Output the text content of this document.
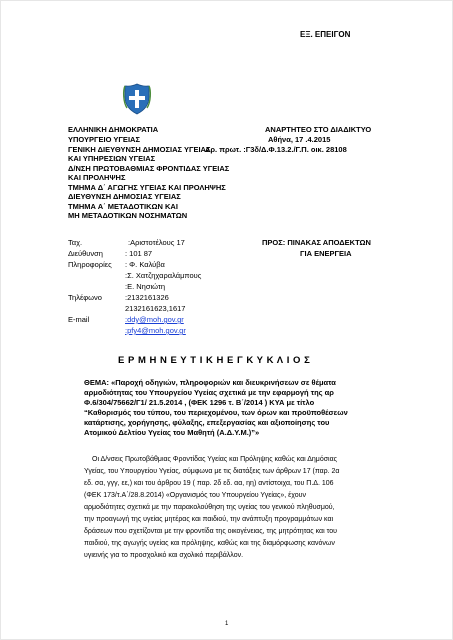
ΕΞ. ΕΠΕΙΓΟΝ
ΑΝΑΡΤΗΤΕΟ ΣΤΟ ΔΙΑΔΙΚΤΥΟ
Αθήνα, 17 .4.2015
Αρ. πρωτ. :Γ3δ/Δ.Φ.13.2./Γ.Π. οικ. 28108
ΕΛΛΗΝΙΚΗ ΔΗΜΟΚΡΑΤΙΑ
ΥΠΟΥΡΓΕΙΟ ΥΓΕΙΑΣ
ΓΕΝΙΚΗ ΔΙΕΥΘΥΝΣΗ ΔΗΜΟΣΙΑΣ ΥΓΕΙΑΣ
ΚΑΙ ΥΠΗΡΕΣΙΩΝ ΥΓΕΙΑΣ
Δ/ΝΣΗ ΠΡΩΤΟΒΑΘΜΙΑΣ ΦΡΟΝΤΙΔΑΣ ΥΓΕΙΑΣ
ΚΑΙ ΠΡΟΛΗΨΗΣ
ΤΜΗΜΑ Δ΄ ΑΓΩΓΗΣ ΥΓΕΙΑΣ ΚΑΙ ΠΡΟΛΗΨΗΣ
ΔΙΕΥΘΥΝΣΗ ΔΗΜΟΣΙΑΣ ΥΓΕΙΑΣ
ΤΜΗΜΑ Α΄ ΜΕΤΑΔΟΤΙΚΩΝ ΚΑΙ
ΜΗ ΜΕΤΑΔΟΤΙΚΩΝ ΝΟΣΗΜΑΤΩΝ
Ταχ.
Διεύθυνση
Πληροφορίες
Τηλέφωνο
E-mail
:Αριστοτέλους 17
: 101 87
: Φ. Καλύβα
:Σ. Χατζηχαραλάμπους
:Ε. Νησιώτη
:2132161326
2132161623,1617
:ddy@moh.gov.gr
:pfy4@moh.gov.gr
ΠΡΟΣ: ΠΙΝΑΚΑΣ ΑΠΟΔΕΚΤΩΝ
ΓΙΑ ΕΝΕΡΓΕΙΑ
Ε Ρ Μ Η Ν Ε Υ Τ Ι Κ Η Ε Γ Κ Υ Κ Λ Ι Ο Σ
ΘΕΜΑ: «Παροχή οδηγιών, πληροφοριών και διευκρινήσεων σε θέματα
αρμοδιότητας του Υπουργείου Υγείας σχετικά με την εφαρμογή της αρ
Φ.6/304/75662/Γ1/ 21.5.2014 , (ΦΕΚ 1296 τ. Β΄/2014 ) ΚΥΑ με τίτλο
“Καθορισμός του τύπου, του περιεχομένου, των όρων και προϋποθέσεων
κατάρτισης, χορήγησης, φύλαξης, επεξεργασίας και αξιοποίησης του
Ατομικού Δελτίου Υγείας του Μαθητή (Α.Δ.Υ.Μ.)”»
Οι Δ/νσεις Πρωτοβάθμιας Φροντίδας Υγείας και Πρόληψης καθώς και Δημόσιας
Υγείας, του Υπουργείου Υγείας, σύμφωνα με τις διατάξεις των άρθρων 17 (παρ. 2α
εδ. σα, γγγ, εε,) και του άρθρου 19 ( παρ. 2δ εδ. αα, ηη) αντίστοιχα, του Π.Δ. 106
(ΦΕΚ 173/τ.Α΄/28.8.2014) «Οργανισμός του Υπουργείου Υγείας», έχουν
αρμοδιότητες σχετικά με την παρακολούθηση της υγείας του γενικού πληθυσμού,
την προαγωγή της υγείας μητέρας και παιδιού, την ανάπτυξη προγραμμάτων και
δράσεων που σχετίζονται με την φροντίδα της οικογένειας, της μητρότητας και του
παιδιού, της αγωγής υγείας και πρόληψης, καθώς και της διαμόρφωσης κανόνων
υγιεινής για το προσχολικό και σχολικό περιβάλλον.
1
